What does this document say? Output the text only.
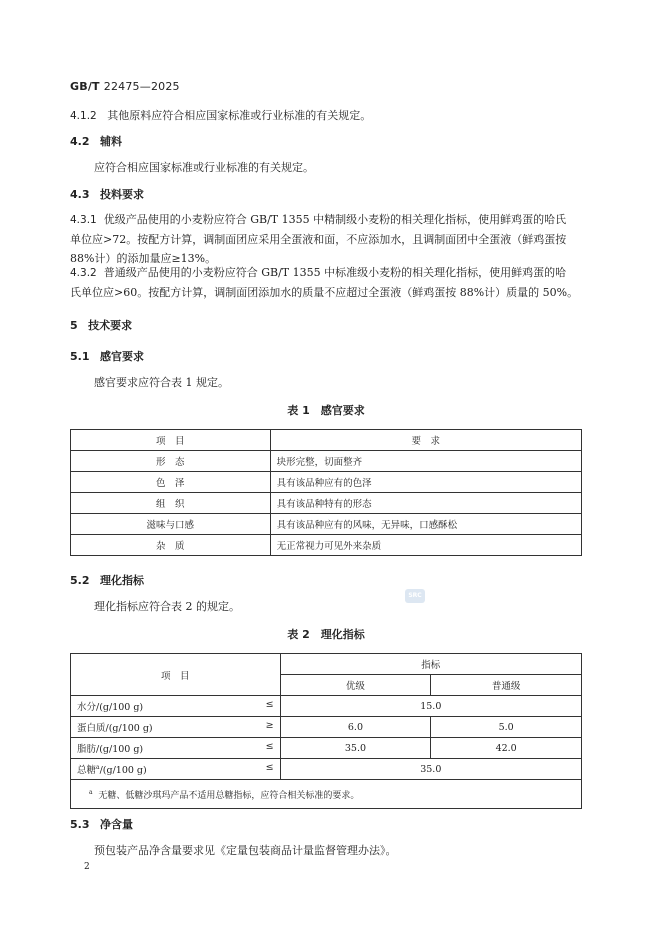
GB/T 22475—2025
4.1.2 其他原料应符合相应国家标准或行业标准的有关规定。
4.2 辅料
应符合相应国家标准或行业标准的有关规定。
4.3 投料要求
4.3.1 优级产品使用的小麦粉应符合 GB/T 1355 中精制级小麦粉的相关理化指标，使用鲜鸡蛋的哈氏
单位应>72。按配方计算，调制面团应采用全蛋液和面，不应添加水，且调制面团中全蛋液（鲜鸡蛋按
88%计）的添加量应≥13%。
4.3.2 普通级产品使用的小麦粉应符合 GB/T 1355 中标准级小麦粉的相关理化指标，使用鲜鸡蛋的哈
氏单位应>60。按配方计算，调制面团添加水的质量不应超过全蛋液（鲜鸡蛋按 88%计）质量的 50%。
5 技术要求
5.1 感官要求
感官要求应符合表 1 规定。
表 1　感官要求
项　目	要　求
形　态	块形完整，切面整齐
色　泽	具有该品种应有的色泽
组　织	具有该品种特有的形态
滋味与口感	具有该品种应有的风味，无异味，口感酥松
杂　质	无正常视力可见外来杂质
5.2 理化指标
理化指标应符合表 2 的规定。
SRC
表 2　理化指标
项　目	指标	
	优级	普通级
水分/(g/100 g) ≤	15.0	
蛋白质/(g/100 g) ≥	6.0	5.0
脂肪/(g/100 g) ≤	35.0	42.0
总糖$^a$/(g/100 g) ≤	35.0	
$^a$ 无糖、低糖沙琪玛产品不适用总糖指标，应符合相关标准的要求。		
5.3 净含量
预包装产品净含量要求见《定量包装商品计量监督管理办法》。
2
